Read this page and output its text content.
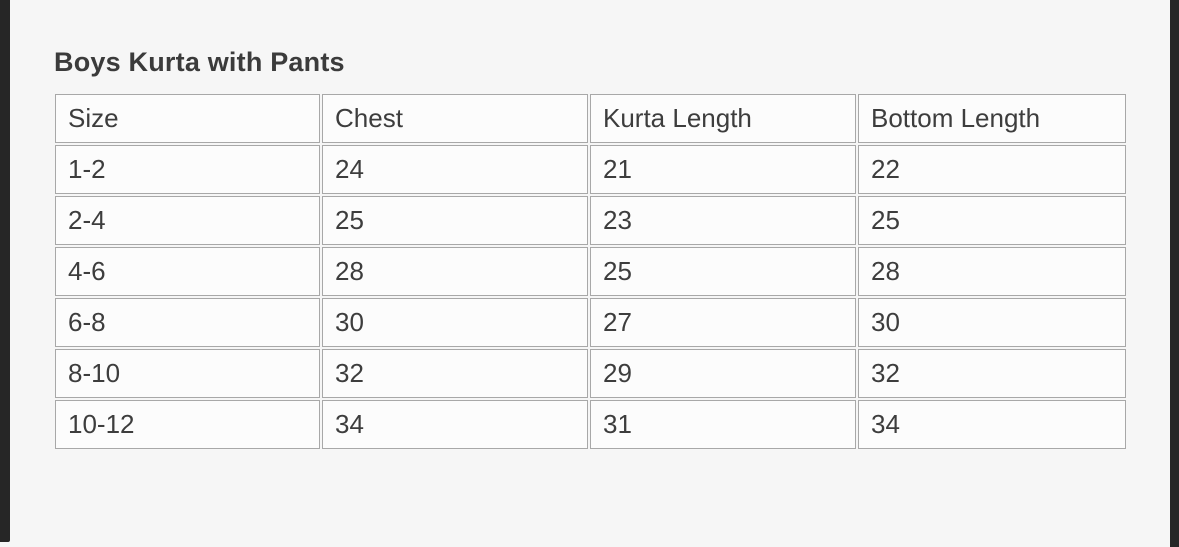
Boys Kurta with Pants
Size	Chest	Kurta Length	Bottom Length
1-2	24	21	22
2-4	25	23	25
4-6	28	25	28
6-8	30	27	30
8-10	32	29	32
10-12	34	31	34
